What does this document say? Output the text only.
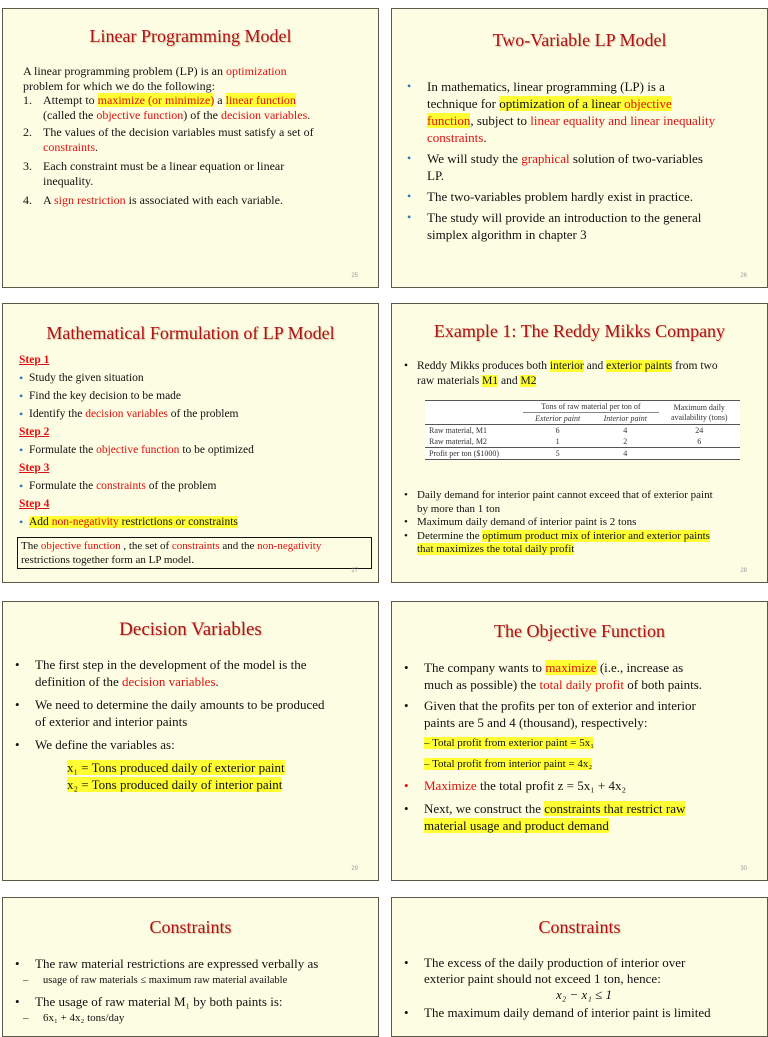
Linear Programming Model
A linear programming problem (LP) is an optimization
problem for which we do the following:
1. Attempt to maximize (or minimize) a linear function
(called the objective function) of the decision variables.
2. The values of the decision variables must satisfy a set of
constraints.
3. Each constraint must be a linear equation or linear
inequality.
4. A sign restriction is associated with each variable.
25
Two-Variable LP Model
• In mathematics, linear programming (LP) is a
technique for optimization of a linear objective
function, subject to linear equality and linear inequality
constraints.
• We will study the graphical solution of two-variables
LP.
• The two-variables problem hardly exist in practice.
• The study will provide an introduction to the general
simplex algorithm in chapter 3
26
Mathematical Formulation of LP Model
Step 1
• Study the given situation
• Find the key decision to be made
• Identify the decision variables of the problem
Step 2
• Formulate the objective function to be optimized
Step 3
• Formulate the constraints of the problem
Step 4
• Add non-negativity restrictions or constraints
The objective function , the set of constraints and the non-negativity
restrictions together form an LP model.
27
Example 1: The Reddy Mikks Company
• Reddy Mikks produces both interior and exterior paints from two
raw materials M1 and M2
	Tons of raw material per ton of		Maximum daily
availability (tons)
	Exterior paint	Interior paint	
Raw material, M1	6	4	24
Raw material, M2	1	2	6
Profit per ton ($1000)	5	4	
• Daily demand for interior paint cannot exceed that of exterior paint
by more than 1 ton
• Maximum daily demand of interior paint is 2 tons
• Determine the optimum product mix of interior and exterior paints
that maximizes the total daily profit
28
Decision Variables
• The first step in the development of the model is the
definition of the decision variables.
• We need to determine the daily amounts to be produced
of exterior and interior paints
• We define the variables as:
x₁ = Tons produced daily of exterior paint
x₂ = Tons produced daily of interior paint
29
The Objective Function
• The company wants to maximize (i.e., increase as
much as possible) the total daily profit of both paints.
• Given that the profits per ton of exterior and interior
paints are 5 and 4 (thousand), respectively:
– Total profit from exterior paint = 5x₁
– Total profit from interior paint = 4x₂
• Maximize the total profit z = 5x₁ + 4x₂
• Next, we construct the constraints that restrict raw
material usage and product demand
30
Constraints
• The raw material restrictions are expressed verbally as
– usage of raw materials ≤ maximum raw material available
• The usage of raw material M₁ by both paints is:
– 6x₁ + 4x₂ tons/day
Constraints
• The excess of the daily production of interior over
exterior paint should not exceed 1 ton, hence:
x₂ − x₁ ≤ 1
• The maximum daily demand of interior paint is limited
